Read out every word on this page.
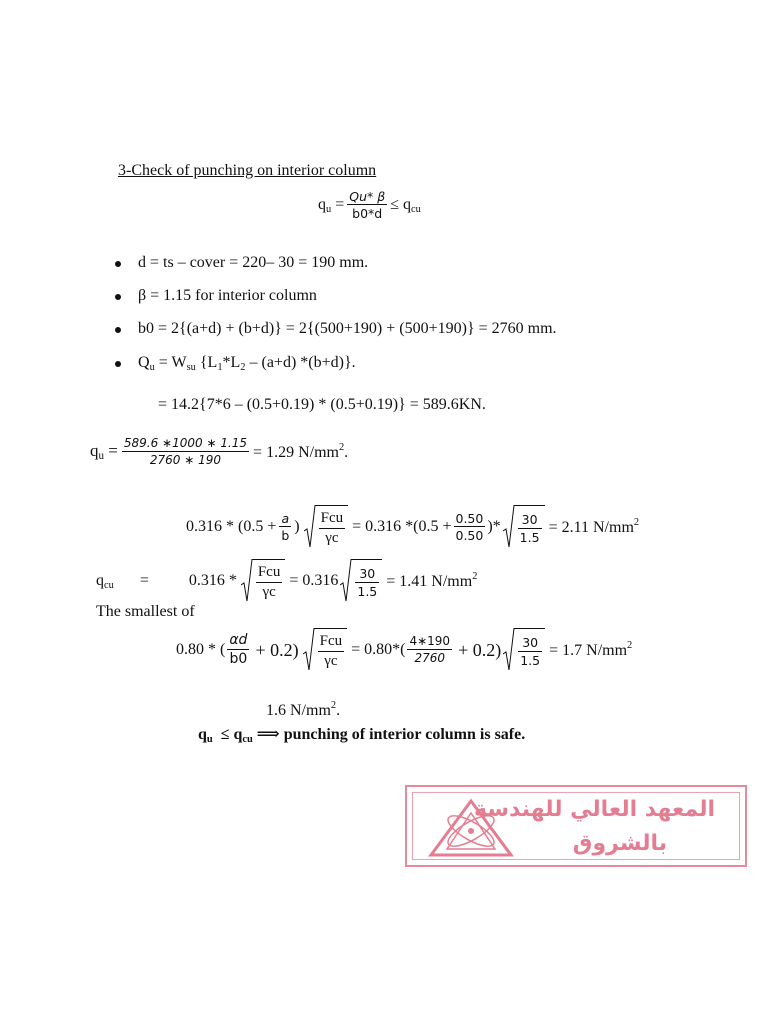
3-Check of punching on interior column
$q_u = \frac{Qu* \beta}{b0*d} \le q_{cu}$
d = ts – cover = 220– 30 = 190 mm.
β = 1.15 for interior column
b0 = 2{(a+d) + (b+d)} = 2{(500+190) + (500+190)} = 2760 mm.
$Q_u = W_{su}$ {$L_1*L_2 - (a+d)$ *(b+d)}.
= 14.2{7*6 – (0.5+0.19) * (0.5+0.19)} = 589.6KN.
$q_u = \frac{589.6 ∗1000 ∗ 1.15}{2760 ∗ 190} = 1.29$ $N/mm^2$.
$0.316 * (0.5 + \frac{a}{b}$ ) $\frac{\text{Fcu}}{\gamma c} = 0.316$ $*(0.5 + \frac{0.50}{0.50}$ )* $\frac{30}{1.5} = 2.11$ $N/mm^2$
$q_{cu}$ =	$0.316 * \frac{\text{Fcu}}{\gamma c} = 0.316 \frac{30}{1.5} = 1.41$ $N/mm^2$
The smallest of
0.80 * ( $\frac{\alpha d}{b0} + 0.2) \frac{\text{Fcu}}{\gamma c} = 0.80*( \frac{4∗190}{2760} + 0.2) \frac{30}{1.5} = 1.7$ $N/mm^2$
1.6 $N/mm^2$.
$q_u \le q_{cu}$ ⟹ punching of interior column is safe.
المعهد العالي للهندسة
بالشروق
